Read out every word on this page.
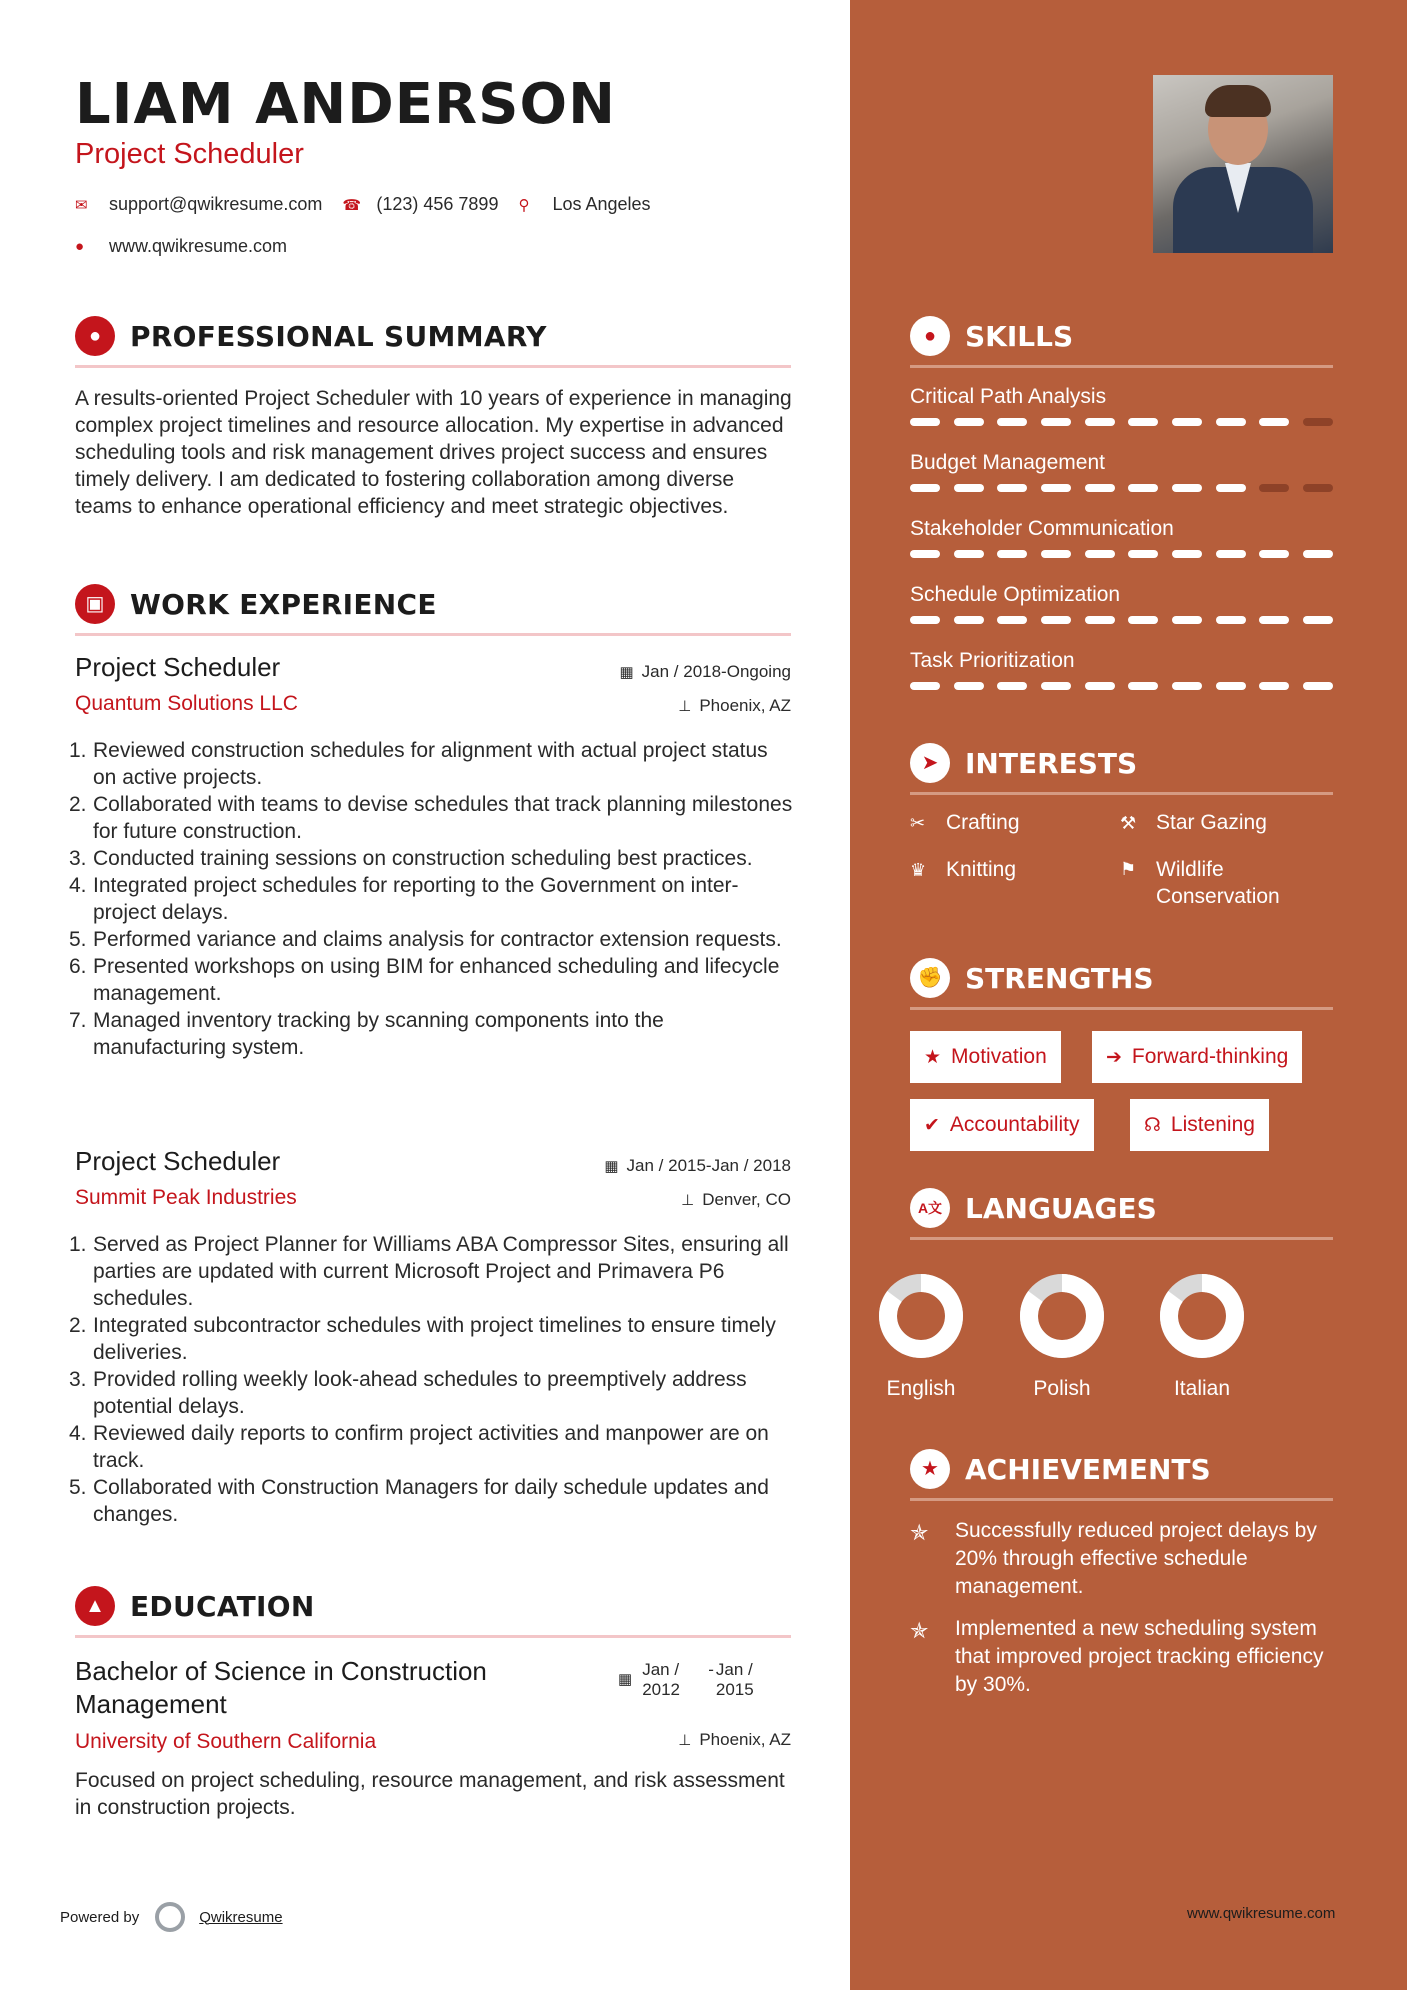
LIAM ANDERSON
Project Scheduler
✉	support@qwikresume.com ☎ (123) 456 7899 ⚲	Los Angeles
●	www.qwikresume.com
●	PROFESSIONAL SUMMARY
A results-oriented Project Scheduler with 10 years of experience in managing complex project timelines and resource allocation. My expertise in advanced scheduling tools and risk management drives project success and ensures timely delivery. I am dedicated to fostering collaboration among diverse teams to enhance operational efficiency and meet strategic objectives.
▣ WORK EXPERIENCE
Project Scheduler
Quantum Solutions LLC
▦ Jan / 2018-Ongoing
⊥ Phoenix, AZ
1. Reviewed construction schedules for alignment with actual project status on active projects.
2. Collaborated with teams to devise schedules that track planning milestones for future construction.
3. Conducted training sessions on construction scheduling best practices.
4. Integrated project schedules for reporting to the Government on inter-project delays.
5. Performed variance and claims analysis for contractor extension requests.
6. Presented workshops on using BIM for enhanced scheduling and lifecycle management.
7. Managed inventory tracking by scanning components into the manufacturing system.
Project Scheduler
Summit Peak Industries
▦ Jan / 2015-Jan / 2018
⊥ Denver, CO
1. Served as Project Planner for Williams ABA Compressor Sites, ensuring all parties are updated with current Microsoft Project and Primavera P6 schedules.
2. Integrated subcontractor schedules with project timelines to ensure timely deliveries.
3. Provided rolling weekly look-ahead schedules to preemptively address potential delays.
4. Reviewed daily reports to confirm project activities and manpower are on track.
5. Collaborated with Construction Managers for daily schedule updates and changes.
▲ EDUCATION
Bachelor of Science in Construction Management
▦
Jan / 2012
- Jan / 2015
University of Southern California	⊥ Phoenix, AZ
Focused on project scheduling, resource management, and risk assessment in construction projects.
Powered by	Qwikresume
●	SKILLS
Critical Path Analysis
Budget Management
Stakeholder Communication
Schedule Optimization
Task Prioritization
➤ INTERESTS
✂ Crafting	⚒ Star Gazing
♛ Knitting	⚑ Wildlife Conservation
✊ STRENGTHS
★ Motivation	➔ Forward-thinking
✔ Accountability	☊ Listening
A文 LANGUAGES
English	Polish	Italian
★ ACHIEVEMENTS
✯ Successfully reduced project delays by 20% through effective schedule management.
✯ Implemented a new scheduling system that improved project tracking efficiency by 30%.
www.qwikresume.com
